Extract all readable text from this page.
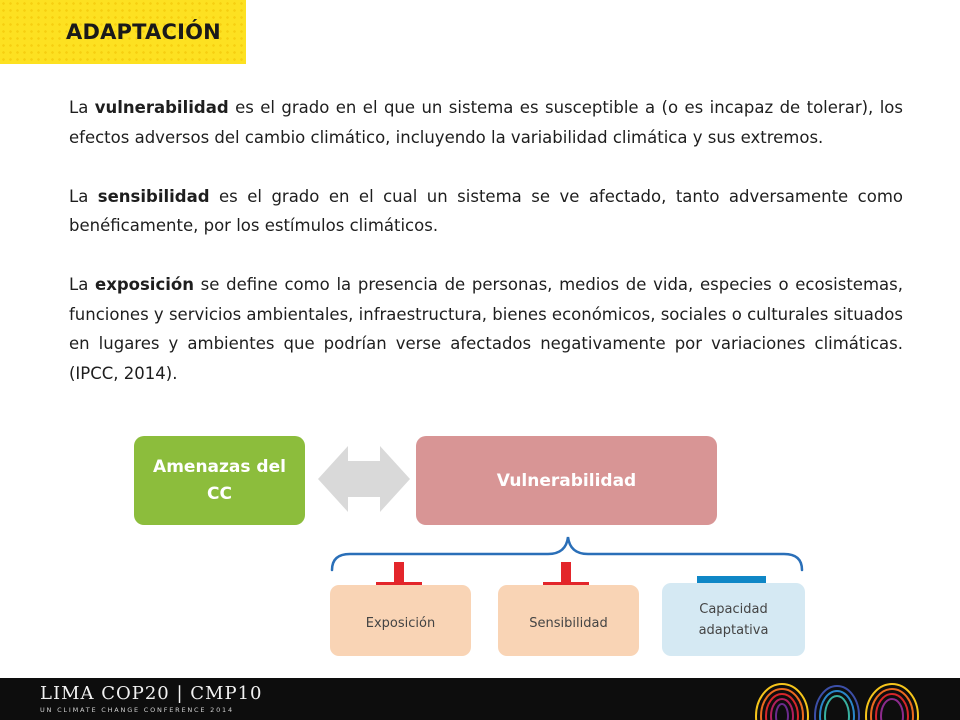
ADAPTACIÓN

La vulnerabilidad es el grado en el que un sistema es susceptible a (o es incapaz de tolerar), los efectos adversos del cambio climático, incluyendo la variabilidad climática y sus extremos.

La sensibilidad es el grado en el cual un sistema se ve afectado, tanto adversamente como benéficamente, por los estímulos climáticos.

La exposición se define como la presencia de personas, medios de vida, especies o ecosistemas, funciones y servicios ambientales, infraestructura, bienes económicos, sociales o culturales situados en lugares y ambientes que podrían verse afectados negativamente por variaciones climáticas. (IPCC, 2014).

Amenazas del
CC
Vulnerabilidad
Exposición	Sensibilidad
Capacidad
adaptativa
LIMA COP20 | CMP10
UN CLIMATE CHANGE CONFERENCE 2014
